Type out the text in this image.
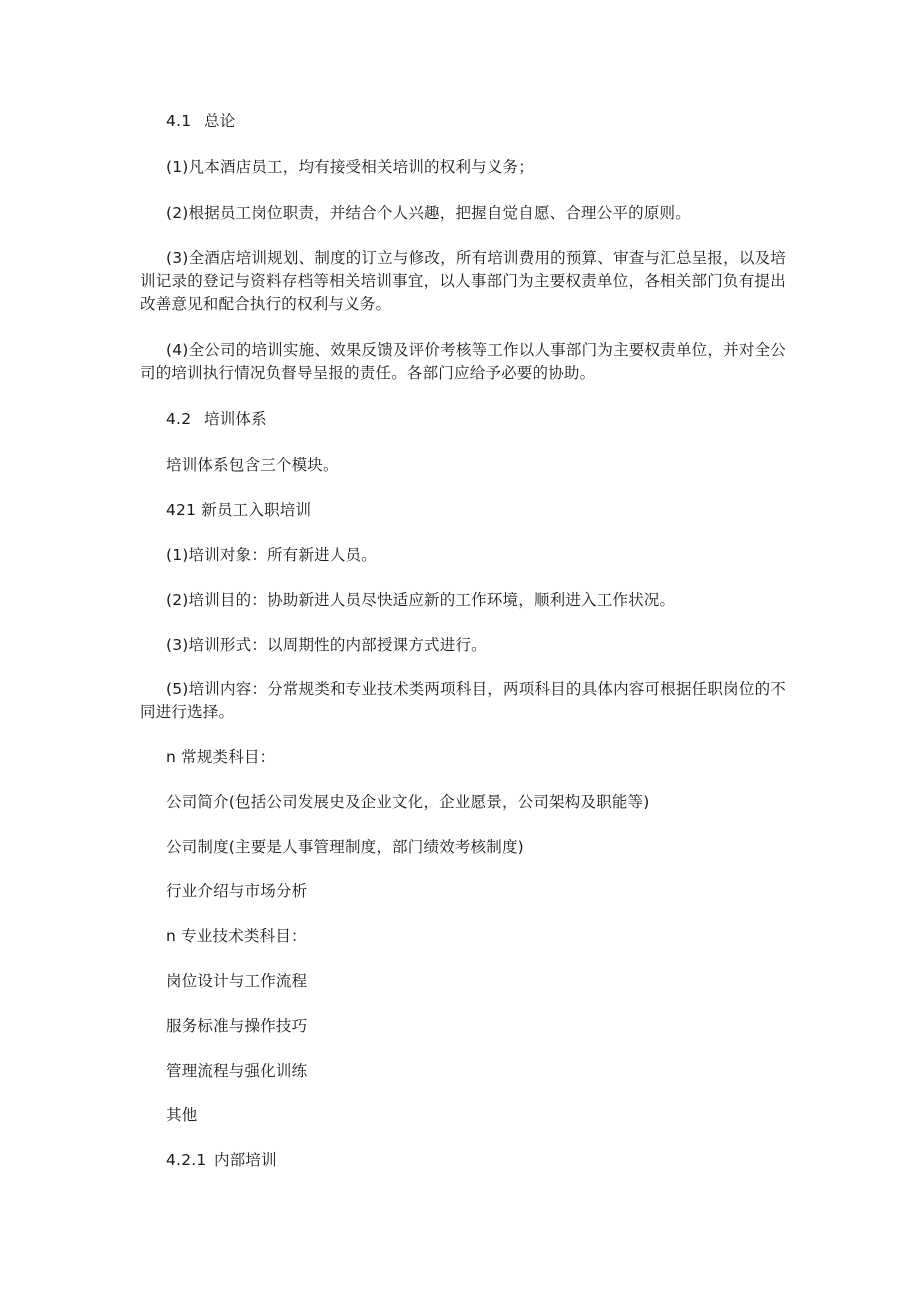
4.1 总论
(1)凡本酒店员工，均有接受相关培训的权利与义务；
(2)根据员工岗位职责，并结合个人兴趣，把握自觉自愿、合理公平的原则。
(3)全酒店培训规划、制度的订立与修改，所有培训费用的预算、审查与汇总呈报，以及培训记录的登记与资料存档等相关培训事宜，以人事部门为主要权责单位，各相关部门负有提出改善意见和配合执行的权利与义务。
(4)全公司的培训实施、效果反馈及评价考核等工作以人事部门为主要权责单位，并对全公司的培训执行情况负督导呈报的责任。各部门应给予必要的协助。
4.2 培训体系
培训体系包含三个模块。
421 新员工入职培训
(1)培训对象：所有新进人员。
(2)培训目的：协助新进人员尽快适应新的工作环境，顺利进入工作状况。
(3)培训形式：以周期性的内部授课方式进行。
(5)培训内容：分常规类和专业技术类两项科目，两项科目的具体内容可根据任职岗位的不同进行选择。
n 常规类科目：
公司简介(包括公司发展史及企业文化，企业愿景，公司架构及职能等)
公司制度(主要是人事管理制度，部门绩效考核制度)
行业介绍与市场分析
n 专业技术类科目：
岗位设计与工作流程
服务标准与操作技巧
管理流程与强化训练
其他
4.2.1 内部培训
